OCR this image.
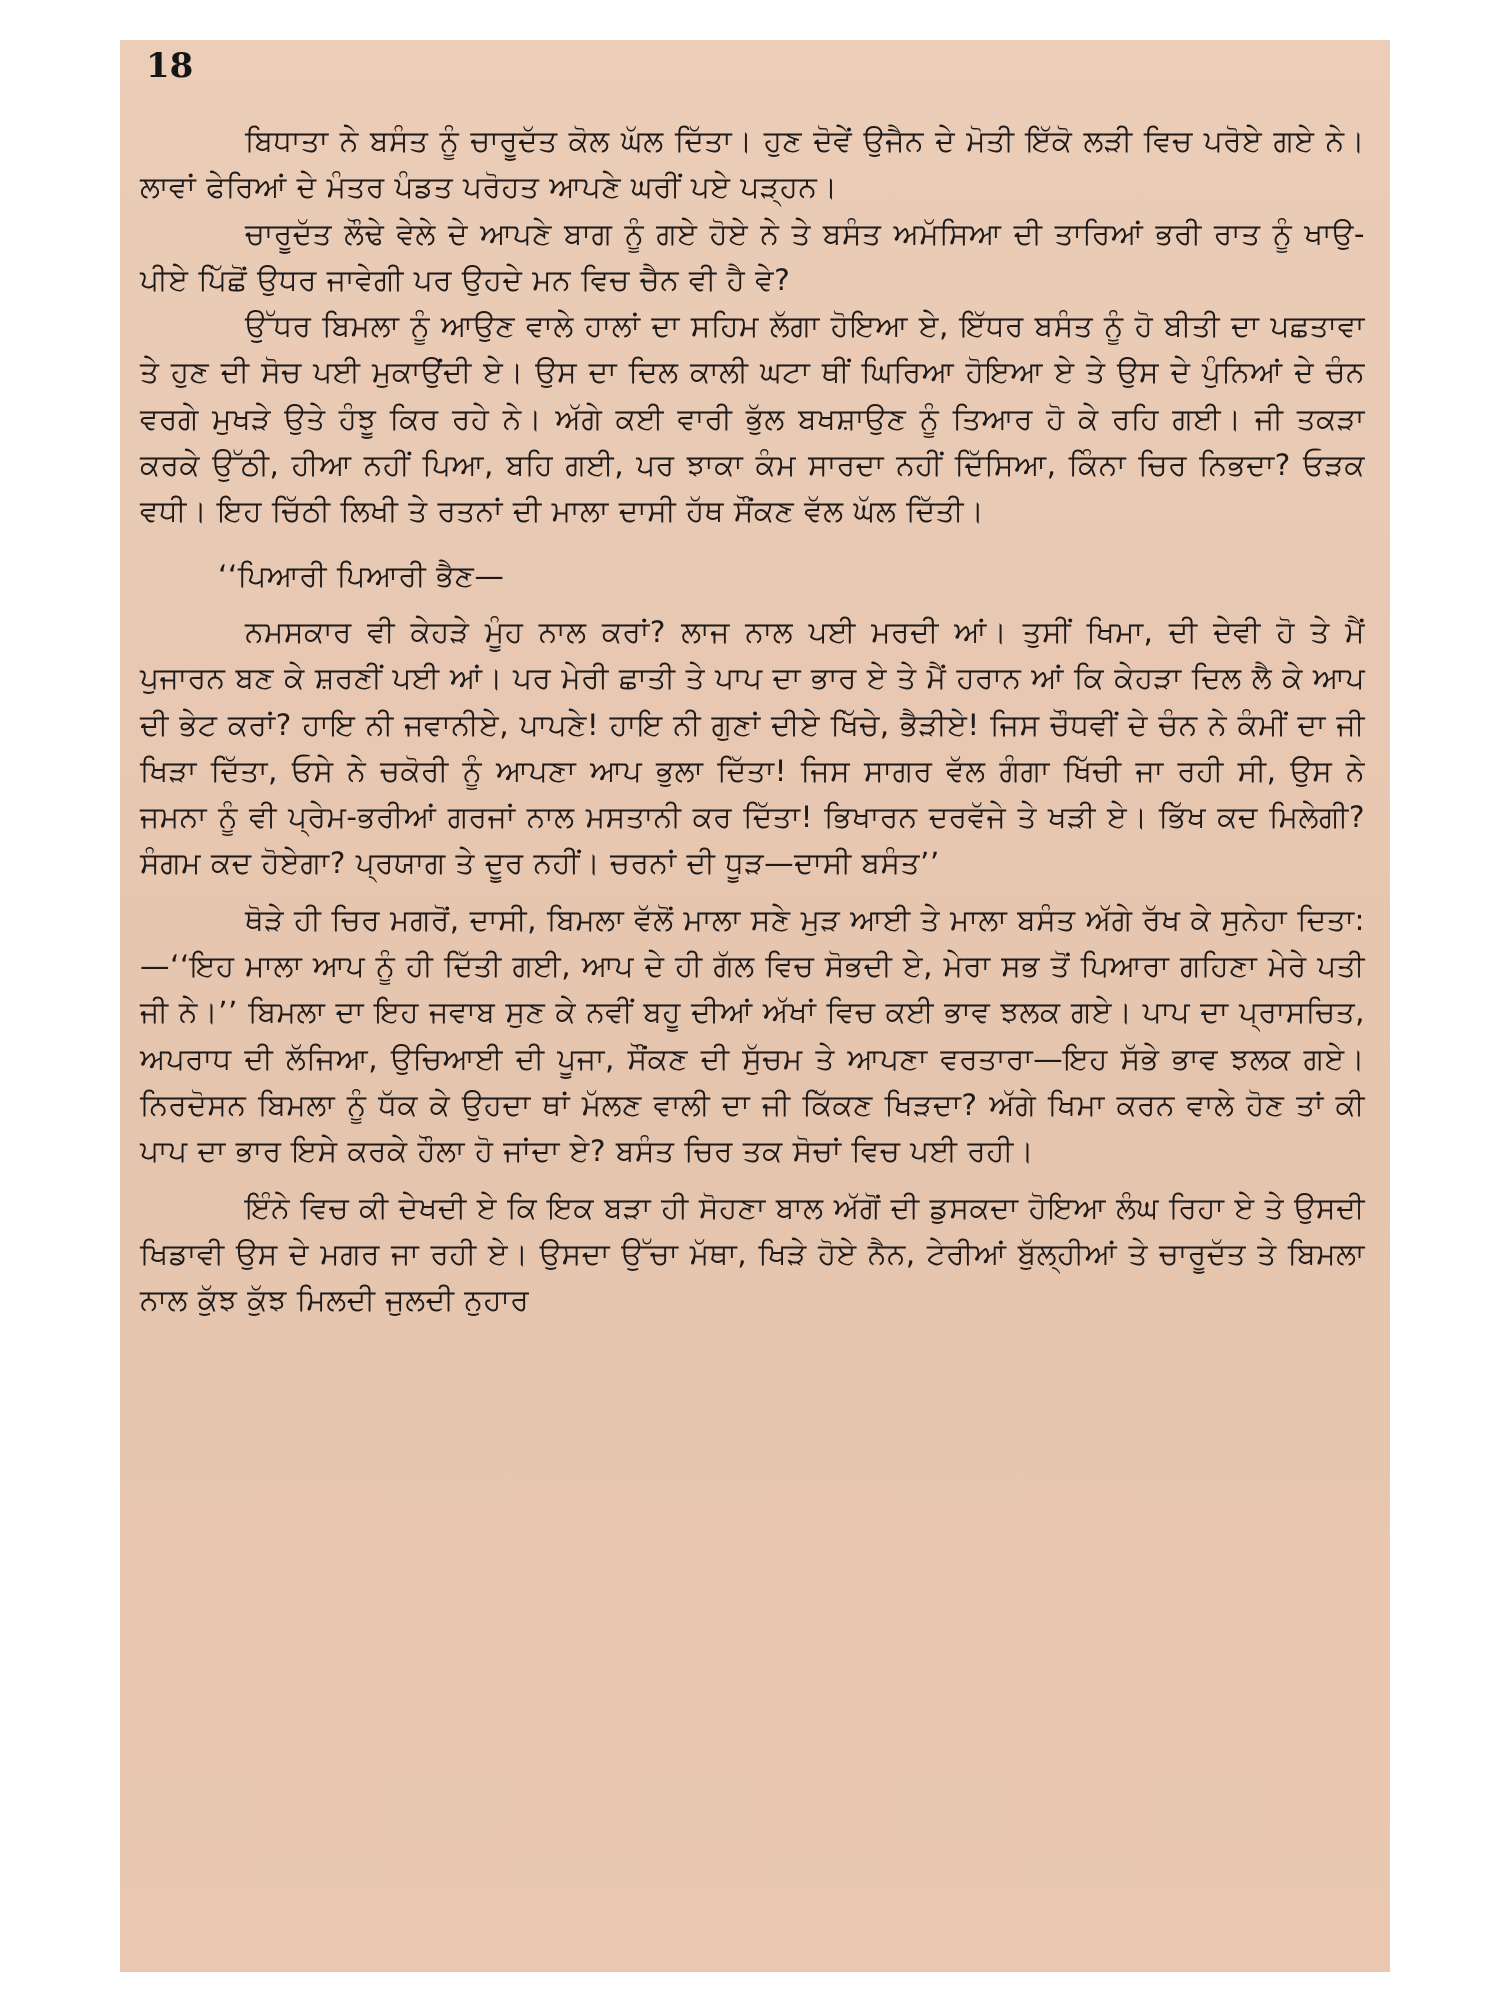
18

ਬਿਧਾਤਾ ਨੇ ਬਸੰਤ ਨੂੰ ਚਾਰੂਦੱਤ ਕੋਲ ਘੱਲ ਦਿੱਤਾ। ਹੁਣ ਦੋਵੇਂ ਉਜੈਨ ਦੇ ਮੋਤੀ ਇੱਕੋ ਲੜੀ ਵਿਚ ਪਰੋਏ ਗਏ ਨੇ। ਲਾਵਾਂ ਫੇਰਿਆਂ ਦੇ ਮੰਤਰ ਪੰਡਤ ਪਰੋਹਤ ਆਪਣੇ ਘਰੀਂ ਪਏ ਪੜ੍ਹਨ।

ਚਾਰੂਦੱਤ ਲੌਢੇ ਵੇਲੇ ਦੇ ਆਪਣੇ ਬਾਗ ਨੂੰ ਗਏ ਹੋਏ ਨੇ ਤੇ ਬਸੰਤ ਅਮੱਸਿਆ ਦੀ ਤਾਰਿਆਂ ਭਰੀ ਰਾਤ ਨੂੰ ਖਾਉ-ਪੀਏ ਪਿੱਛੋਂ ਉਧਰ ਜਾਵੇਗੀ ਪਰ ਉਹਦੇ ਮਨ ਵਿਚ ਚੈਨ ਵੀ ਹੈ ਵੇ?

ਉੱਧਰ ਬਿਮਲਾ ਨੂੰ ਆਉਣ ਵਾਲੇ ਹਾਲਾਂ ਦਾ ਸਹਿਮ ਲੱਗਾ ਹੋਇਆ ਏ, ਇੱਧਰ ਬਸੰਤ ਨੂੰ ਹੋ ਬੀਤੀ ਦਾ ਪਛਤਾਵਾ ਤੇ ਹੁਣ ਦੀ ਸੋਚ ਪਈ ਮੁਕਾਉਂਦੀ ਏ। ਉਸ ਦਾ ਦਿਲ ਕਾਲੀ ਘਟਾ ਥੀਂ ਘਿਰਿਆ ਹੋਇਆ ਏ ਤੇ ਉਸ ਦੇ ਪੁੰਨਿਆਂ ਦੇ ਚੰਨ ਵਰਗੇ ਮੁਖੜੇ ਉਤੇ ਹੰਝੂ ਕਿਰ ਰਹੇ ਨੇ। ਅੱਗੇ ਕਈ ਵਾਰੀ ਭੁੱਲ ਬਖਸ਼ਾਉਣ ਨੂੰ ਤਿਆਰ ਹੋ ਕੇ ਰਹਿ ਗਈ। ਜੀ ਤਕੜਾ ਕਰਕੇ ਉੱਠੀ, ਹੀਆ ਨਹੀਂ ਪਿਆ, ਬਹਿ ਗਈ, ਪਰ ਝਾਕਾ ਕੰਮ ਸਾਰਦਾ ਨਹੀਂ ਦਿੱਸਿਆ, ਕਿੰਨਾ ਚਿਰ ਨਿਭਦਾ? ਓੜਕ ਵਧੀ। ਇਹ ਚਿੱਠੀ ਲਿਖੀ ਤੇ ਰਤਨਾਂ ਦੀ ਮਾਲਾ ਦਾਸੀ ਹੱਥ ਸੌਂਕਣ ਵੱਲ ਘੱਲ ਦਿੱਤੀ।

‘‘ਪਿਆਰੀ ਪਿਆਰੀ ਭੈਣ—

ਨਮਸਕਾਰ ਵੀ ਕੇਹੜੇ ਮੂੰਹ ਨਾਲ ਕਰਾਂ? ਲਾਜ ਨਾਲ ਪਈ ਮਰਦੀ ਆਂ। ਤੁਸੀਂ ਖਿਮਾ, ਦੀ ਦੇਵੀ ਹੋ ਤੇ ਮੈਂ ਪੁਜਾਰਨ ਬਣ ਕੇ ਸ਼ਰਣੀਂ ਪਈ ਆਂ। ਪਰ ਮੇਰੀ ਛਾਤੀ ਤੇ ਪਾਪ ਦਾ ਭਾਰ ਏ ਤੇ ਮੈਂ ਹਰਾਨ ਆਂ ਕਿ ਕੇਹੜਾ ਦਿਲ ਲੈ ਕੇ ਆਪ ਦੀ ਭੇਟ ਕਰਾਂ? ਹਾਇ ਨੀ ਜਵਾਨੀਏ, ਪਾਪਣੇ! ਹਾਇ ਨੀ ਗੁਣਾਂ ਦੀਏ ਖਿੱਚੇ, ਭੈੜੀਏ! ਜਿਸ ਚੌਧਵੀਂ ਦੇ ਚੰਨ ਨੇ ਕੰਮੀਂ ਦਾ ਜੀ ਖਿੜਾ ਦਿੱਤਾ, ਓਸੇ ਨੇ ਚਕੋਰੀ ਨੂੰ ਆਪਣਾ ਆਪ ਭੁਲਾ ਦਿੱਤਾ! ਜਿਸ ਸਾਗਰ ਵੱਲ ਗੰਗਾ ਖਿੱਚੀ ਜਾ ਰਹੀ ਸੀ, ਉਸ ਨੇ ਜਮਨਾ ਨੂੰ ਵੀ ਪ੍ਰੇਮ-ਭਰੀਆਂ ਗਰਜਾਂ ਨਾਲ ਮਸਤਾਨੀ ਕਰ ਦਿੱਤਾ! ਭਿਖਾਰਨ ਦਰਵੱਜੇ ਤੇ ਖੜੀ ਏ। ਭਿੱਖ ਕਦ ਮਿਲੇਗੀ? ਸੰਗਮ ਕਦ ਹੋਏਗਾ? ਪ੍ਰਯਾਗ ਤੇ ਦੂਰ ਨਹੀਂ। ਚਰਨਾਂ ਦੀ ਧੂੜ—ਦਾਸੀ ਬਸੰਤ’’

ਥੋੜੇ ਹੀ ਚਿਰ ਮਗਰੋਂ, ਦਾਸੀ, ਬਿਮਲਾ ਵੱਲੋਂ ਮਾਲਾ ਸਣੇ ਮੁੜ ਆਈ ਤੇ ਮਾਲਾ ਬਸੰਤ ਅੱਗੇ ਰੱਖ ਕੇ ਸੁਨੇਹਾ ਦਿਤਾ:—‘‘ਇਹ ਮਾਲਾ ਆਪ ਨੂੰ ਹੀ ਦਿੱਤੀ ਗਈ, ਆਪ ਦੇ ਹੀ ਗੱਲ ਵਿਚ ਸੋਭਦੀ ਏ, ਮੇਰਾ ਸਭ ਤੋਂ ਪਿਆਰਾ ਗਹਿਣਾ ਮੇਰੇ ਪਤੀ ਜੀ ਨੇ।’’ ਬਿਮਲਾ ਦਾ ਇਹ ਜਵਾਬ ਸੁਣ ਕੇ ਨਵੀਂ ਬਹੂ ਦੀਆਂ ਅੱਖਾਂ ਵਿਚ ਕਈ ਭਾਵ ਝਲਕ ਗਏ। ਪਾਪ ਦਾ ਪ੍ਰਾਸਚਿਤ, ਅਪਰਾਧ ਦੀ ਲੱਜਿਆ, ਉਚਿਆਈ ਦੀ ਪੂਜਾ, ਸੌਂਕਣ ਦੀ ਸੁੱਚਮ ਤੇ ਆਪਣਾ ਵਰਤਾਰਾ—ਇਹ ਸੱਭੇ ਭਾਵ ਝਲਕ ਗਏ। ਨਿਰਦੋਸਨ ਬਿਮਲਾ ਨੂੰ ਧੱਕ ਕੇ ਉਹਦਾ ਥਾਂ ਮੱਲਣ ਵਾਲੀ ਦਾ ਜੀ ਕਿੱਕਣ ਖਿੜਦਾ? ਅੱਗੇ ਖਿਮਾ ਕਰਨ ਵਾਲੇ ਹੋਣ ਤਾਂ ਕੀ ਪਾਪ ਦਾ ਭਾਰ ਇਸੇ ਕਰਕੇ ਹੌਲਾ ਹੋ ਜਾਂਦਾ ਏ? ਬਸੰਤ ਚਿਰ ਤਕ ਸੋਚਾਂ ਵਿਚ ਪਈ ਰਹੀ।

ਇੰਨੇ ਵਿਚ ਕੀ ਦੇਖਦੀ ਏ ਕਿ ਇਕ ਬੜਾ ਹੀ ਸੋਹਣਾ ਬਾਲ ਅੱਗੋਂ ਦੀ ਡੁਸਕਦਾ ਹੋਇਆ ਲੰਘ ਰਿਹਾ ਏ ਤੇ ਉਸਦੀ ਖਿਡਾਵੀ ਉਸ ਦੇ ਮਗਰ ਜਾ ਰਹੀ ਏ। ਉਸਦਾ ਉੱਚਾ ਮੱਥਾ, ਖਿੜੇ ਹੋਏ ਨੈਨ, ਟੇਰੀਆਂ ਬੁੱਲ੍ਹੀਆਂ ਤੇ ਚਾਰੂਦੱਤ ਤੇ ਬਿਮਲਾ ਨਾਲ ਕੁੱਝ ਕੁੱਝ ਮਿਲਦੀ ਜੁਲਦੀ ਨੁਹਾਰ
